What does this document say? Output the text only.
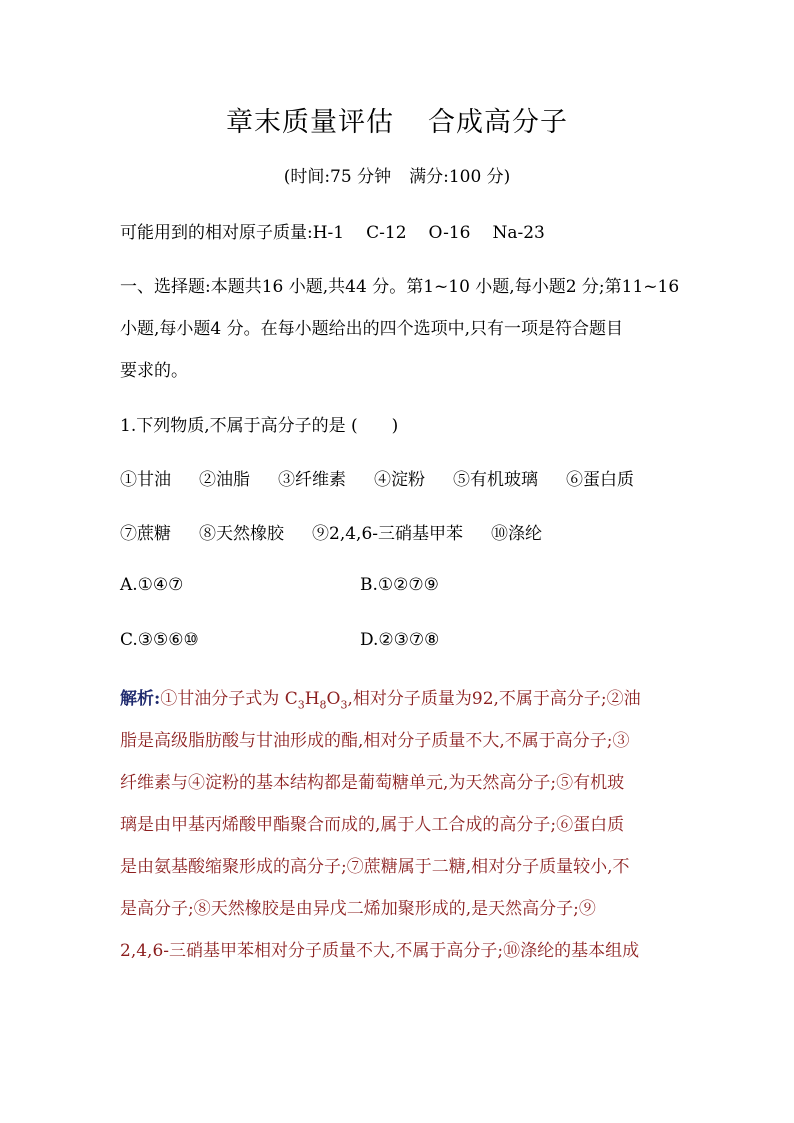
章末质量评估 合成高分子
(时间:75 分钟 满分:100 分)
可能用到的相对原子质量:H-1 C-12 O-16 Na-23
一、选择题:本题共16 小题,共44 分。第1~10 小题,每小题2 分;第11~16
小题,每小题4 分。在每小题给出的四个选项中,只有一项是符合题目
要求的。
1.下列物质,不属于高分子的是 (　　)
①甘油 ②油脂 ③纤维素 ④淀粉 ⑤有机玻璃 ⑥蛋白质
⑦蔗糖 ⑧天然橡胶 ⑨2,4,6-三硝基甲苯 ⑩涤纶
A.①④⑦	B.①②⑦⑨
C.③⑤⑥⑩	D.②③⑦⑧
解析:①甘油分子式为 $C_3H_8O_3$,相对分子质量为92,不属于高分子;②油
脂是高级脂肪酸与甘油形成的酯,相对分子质量不大,不属于高分子;③
纤维素与④淀粉的基本结构都是葡萄糖单元,为天然高分子;⑤有机玻
璃是由甲基丙烯酸甲酯聚合而成的,属于人工合成的高分子;⑥蛋白质
是由氨基酸缩聚形成的高分子;⑦蔗糖属于二糖,相对分子质量较小,不
是高分子;⑧天然橡胶是由异戊二烯加聚形成的,是天然高分子;⑨
2,4,6-三硝基甲苯相对分子质量不大,不属于高分子;⑩涤纶的基本组成
